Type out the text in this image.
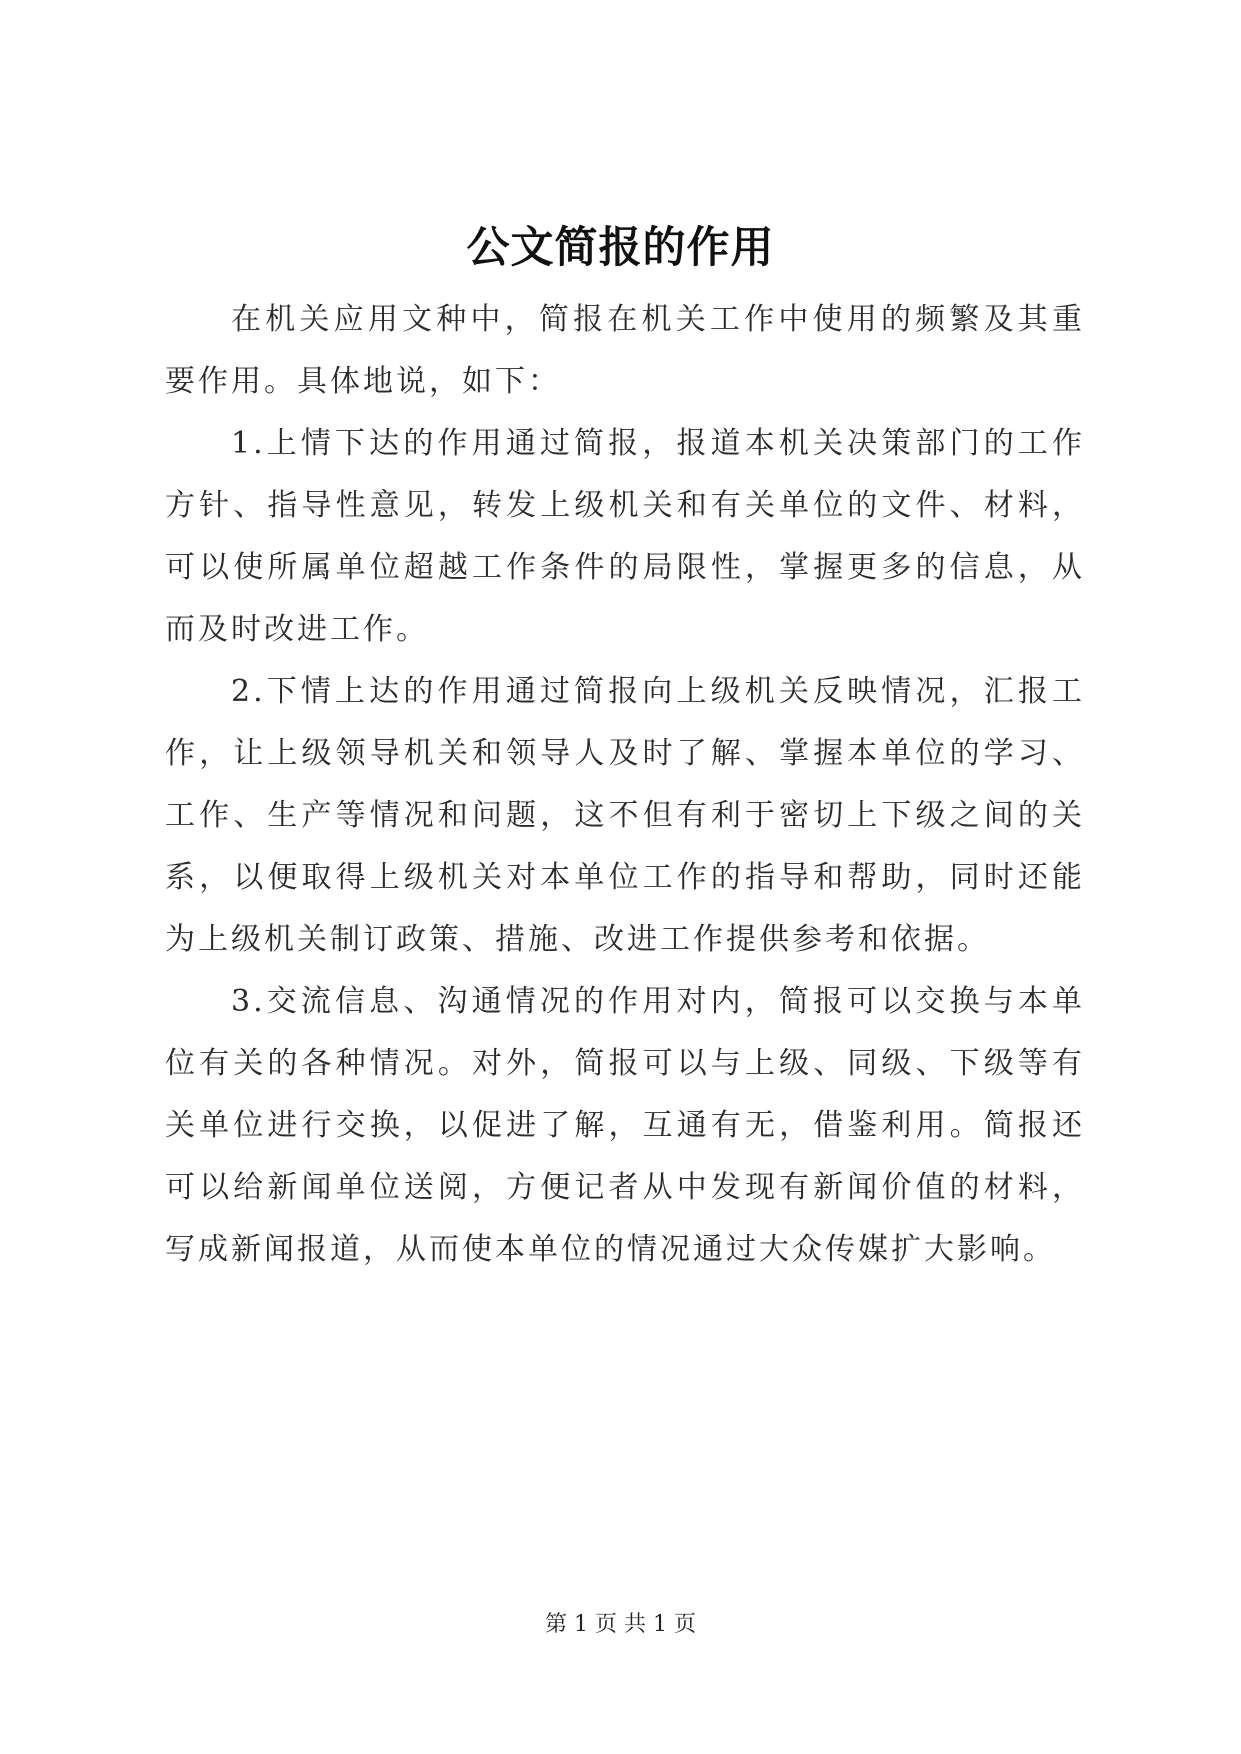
公文简报的作用

在机关应用文种中，简报在机关工作中使用的频繁及其重要作用。具体地说，如下：

1.上情下达的作用通过简报，报道本机关决策部门的工作方针、指导性意见，转发上级机关和有关单位的文件、材料，可以使所属单位超越工作条件的局限性，掌握更多的信息，从而及时改进工作。

2.下情上达的作用通过简报向上级机关反映情况，汇报工作，让上级领导机关和领导人及时了解、掌握本单位的学习、工作、生产等情况和问题，这不但有利于密切上下级之间的关系，以便取得上级机关对本单位工作的指导和帮助，同时还能为上级机关制订政策、措施、改进工作提供参考和依据。

3.交流信息、沟通情况的作用对内，简报可以交换与本单位有关的各种情况。对外，简报可以与上级、同级、下级等有关单位进行交换，以促进了解，互通有无，借鉴利用。简报还可以给新闻单位送阅，方便记者从中发现有新闻价值的材料，写成新闻报道，从而使本单位的情况通过大众传媒扩大影响。

第 1 页 共 1 页
